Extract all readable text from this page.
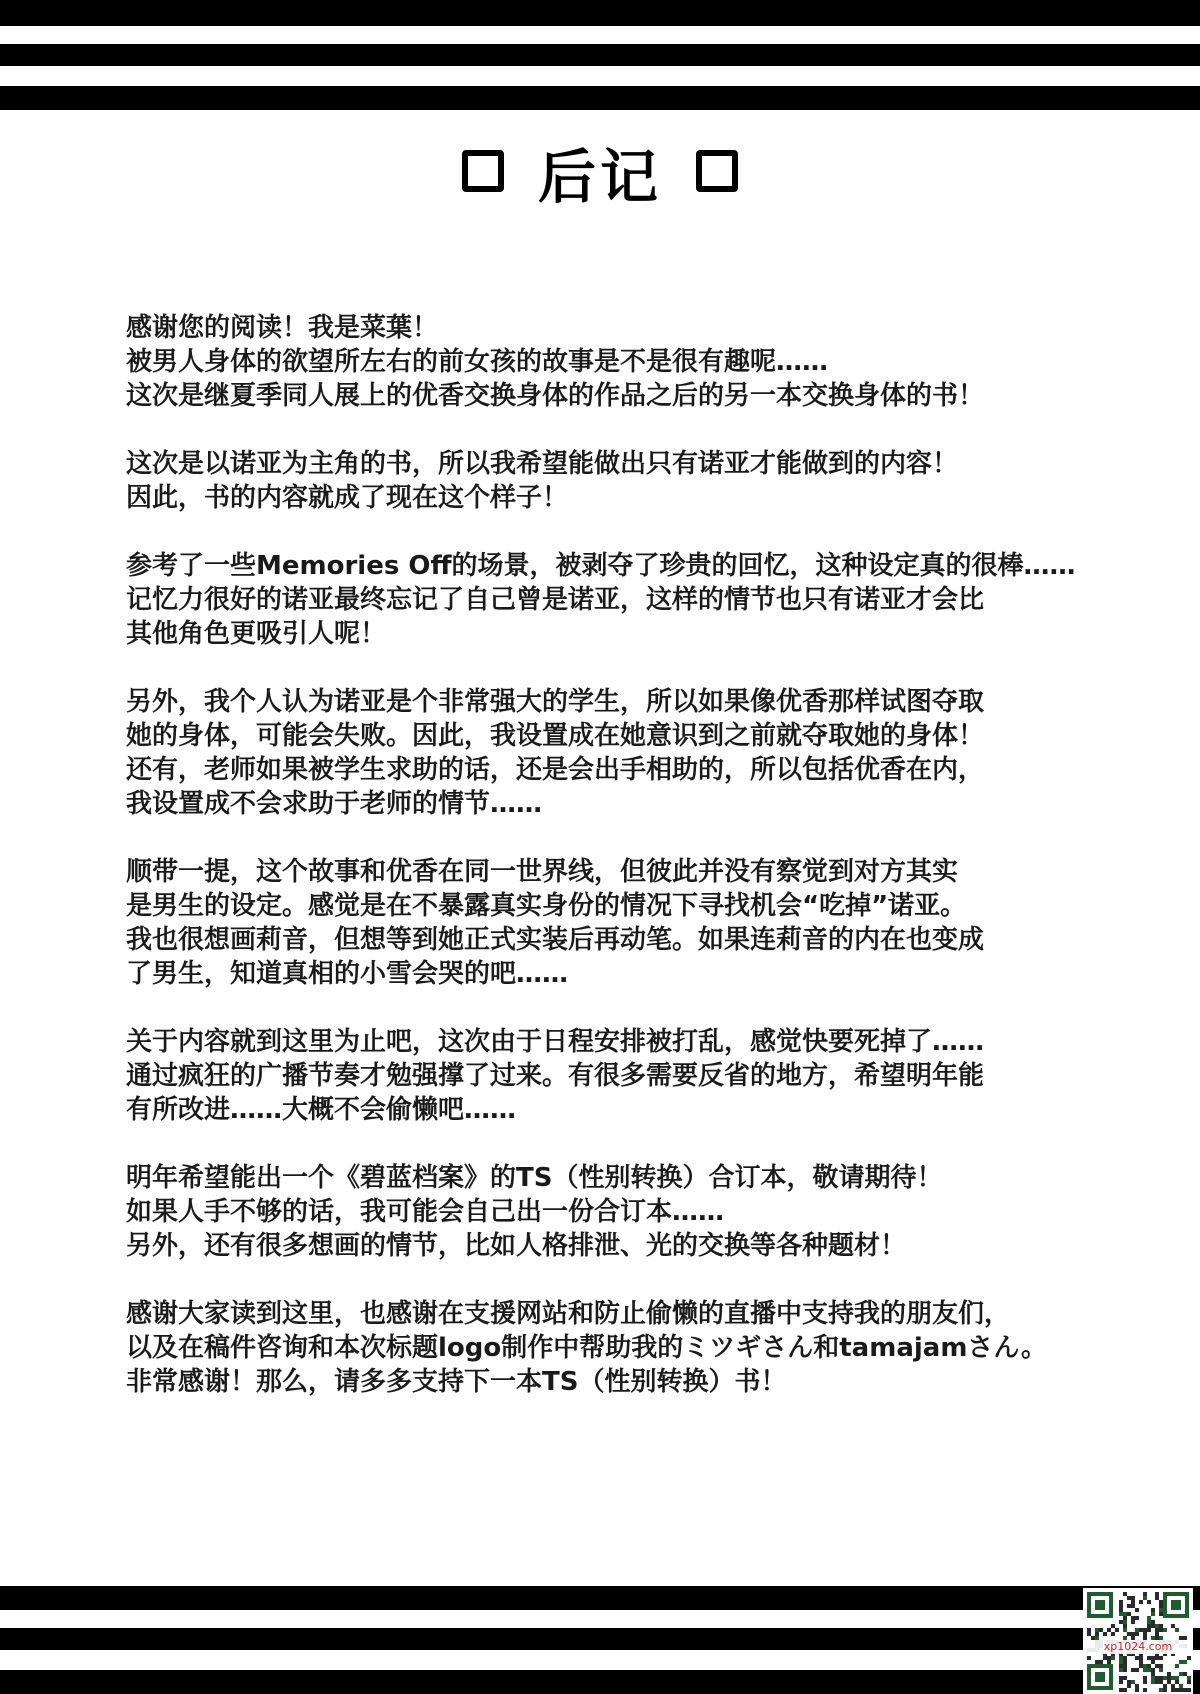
后记
感谢您的阅读！我是菜葉！
被男人身体的欲望所左右的前女孩的故事是不是很有趣呢……
这次是继夏季同人展上的优香交换身体的作品之后的另一本交换身体的书！
这次是以诺亚为主角的书，所以我希望能做出只有诺亚才能做到的内容！
因此，书的内容就成了现在这个样子！
参考了一些Memories Off的场景，被剥夺了珍贵的回忆，这种设定真的很棒……
记忆力很好的诺亚最终忘记了自己曾是诺亚，这样的情节也只有诺亚才会比
其他角色更吸引人呢！
另外，我个人认为诺亚是个非常强大的学生，所以如果像优香那样试图夺取
她的身体，可能会失败。因此，我设置成在她意识到之前就夺取她的身体！
还有，老师如果被学生求助的话，还是会出手相助的，所以包括优香在内，
我设置成不会求助于老师的情节……
顺带一提，这个故事和优香在同一世界线，但彼此并没有察觉到对方其实
是男生的设定。感觉是在不暴露真实身份的情况下寻找机会“吃掉”诺亚。
我也很想画莉音，但想等到她正式实装后再动笔。如果连莉音的内在也变成
了男生，知道真相的小雪会哭的吧……
关于内容就到这里为止吧，这次由于日程安排被打乱，感觉快要死掉了……
通过疯狂的广播节奏才勉强撑了过来。有很多需要反省的地方，希望明年能
有所改进……大概不会偷懒吧……
明年希望能出一个《碧蓝档案》的TS（性别转换）合订本，敬请期待！
如果人手不够的话，我可能会自己出一份合订本……
另外，还有很多想画的情节，比如人格排泄、光的交换等各种题材！
感谢大家读到这里，也感谢在支援网站和防止偷懒的直播中支持我的朋友们，
以及在稿件咨询和本次标题logo制作中帮助我的ミツギさん和tamajamさん。
非常感谢！那么，请多多支持下一本TS（性别转换）书！
xp1024.com
